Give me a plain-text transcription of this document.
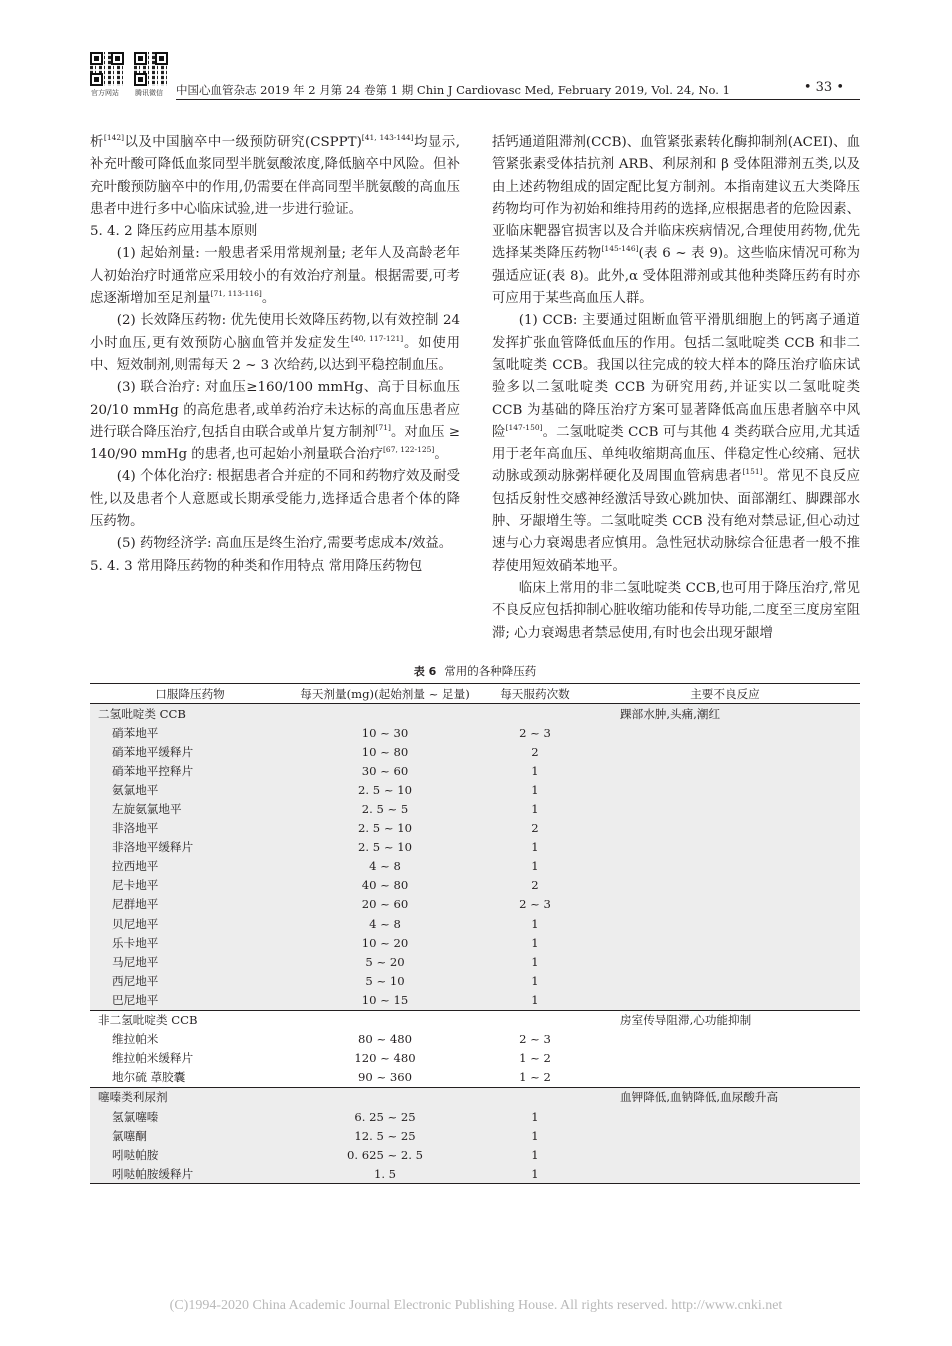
官方网站 腾讯微信 中国心血管杂志 2019 年 2 月第 24 卷第 1 期 Chin J Cardiovasc Med, February 2019, Vol. 24, No. 1	• 33 •

析[142]以及中国脑卒中一级预防研究(CSPPT)[41, 143-144]均显示,补充叶酸可降低血浆同型半胱氨酸浓度,降低脑卒中风险。但补充叶酸预防脑卒中的作用,仍需要在伴高同型半胱氨酸的高血压患者中进行多中心临床试验,进一步进行验证。

5. 4. 2 降压药应用基本原则

(1) 起始剂量: 一般患者采用常规剂量; 老年人及高龄老年人初始治疗时通常应采用较小的有效治疗剂量。根据需要,可考虑逐渐增加至足剂量[71, 113-116]。

(2) 长效降压药物: 优先使用长效降压药物,以有效控制 24 小时血压,更有效预防心脑血管并发症发生[40, 117-121]。如使用中、短效制剂,则需每天 2 ~ 3 次给药,以达到平稳控制血压。

(3) 联合治疗: 对血压≥160/100 mmHg、高于目标血压 20/10 mmHg 的高危患者,或单药治疗未达标的高血压患者应进行联合降压治疗,包括自由联合或单片复方制剂[71]。对血压 ≥ 140/90 mmHg 的患者,也可起始小剂量联合治疗[67, 122-125]。

(4) 个体化治疗: 根据患者合并症的不同和药物疗效及耐受性,以及患者个人意愿或长期承受能力,选择适合患者个体的降压药物。

(5) 药物经济学: 高血压是终生治疗,需要考虑成本/效益。

5. 4. 3 常用降压药物的种类和作用特点 常用降压药物包

括钙通道阻滞剂(CCB)、血管紧张素转化酶抑制剂(ACEI)、血管紧张素受体拮抗剂 ARB、利尿剂和 β 受体阻滞剂五类,以及由上述药物组成的固定配比复方制剂。本指南建议五大类降压药物均可作为初始和维持用药的选择,应根据患者的危险因素、亚临床靶器官损害以及合并临床疾病情况,合理使用药物,优先选择某类降压药物[145-146](表 6 ~ 表 9)。这些临床情况可称为强适应证(表 8)。此外,α 受体阻滞剂或其他种类降压药有时亦可应用于某些高血压人群。

(1) CCB: 主要通过阻断血管平滑肌细胞上的钙离子通道发挥扩张血管降低血压的作用。包括二氢吡啶类 CCB 和非二氢吡啶类 CCB。我国以往完成的较大样本的降压治疗临床试验多以二氢吡啶类 CCB 为研究用药,并证实以二氢吡啶类 CCB 为基础的降压治疗方案可显著降低高血压患者脑卒中风险[147-150]。二氢吡啶类 CCB 可与其他 4 类药联合应用,尤其适用于老年高血压、单纯收缩期高血压、伴稳定性心绞痛、冠状动脉或颈动脉粥样硬化及周围血管病患者[151]。常见不良反应包括反射性交感神经激活导致心跳加快、面部潮红、脚踝部水肿、牙龈增生等。二氢吡啶类 CCB 没有绝对禁忌证,但心动过速与心力衰竭患者应慎用。急性冠状动脉综合征患者一般不推荐使用短效硝苯地平。

临床上常用的非二氢吡啶类 CCB,也可用于降压治疗,常见不良反应包括抑制心脏收缩功能和传导功能,二度至三度房室阻滞; 心力衰竭患者禁忌使用,有时也会出现牙龈增

表 6 常用的各种降压药
口服降压药物	每天剂量(mg)(起始剂量 ~ 足量)	每天服药次数	主要不良反应
二氢吡啶类 CCB			踝部水肿,头痛,潮红
硝苯地平	10 ~ 30	2 ~ 3	
硝苯地平缓释片	10 ~ 80	2	
硝苯地平控释片	30 ~ 60	1	
氨氯地平	2. 5 ~ 10	1	
左旋氨氯地平	2. 5 ~ 5	1	
非洛地平	2. 5 ~ 10	2	
非洛地平缓释片	2. 5 ~ 10	1	
拉西地平	4 ~ 8	1	
尼卡地平	40 ~ 80	2	
尼群地平	20 ~ 60	2 ~ 3	
贝尼地平	4 ~ 8	1	
乐卡地平	10 ~ 20	1	
马尼地平	5 ~ 20	1	
西尼地平	5 ~ 10	1	
巴尼地平	10 ~ 15	1	
非二氢吡啶类 CCB			房室传导阻滞,心功能抑制
维拉帕米	80 ~ 480	2 ~ 3	
维拉帕米缓释片	120 ~ 480	1 ~ 2	
地尔硫 䓬胶囊	90 ~ 360	1 ~ 2	
噻嗪类利尿剂			血钾降低,血钠降低,血尿酸升高
氢氯噻嗪	6. 25 ~ 25	1	
氯噻酮	12. 5 ~ 25	1	
吲哒帕胺	0. 625 ~ 2. 5	1	
吲哒帕胺缓释片	1. 5	1	
(C)1994-2020 China Academic Journal Electronic Publishing House. All rights reserved. http://www.cnki.net
